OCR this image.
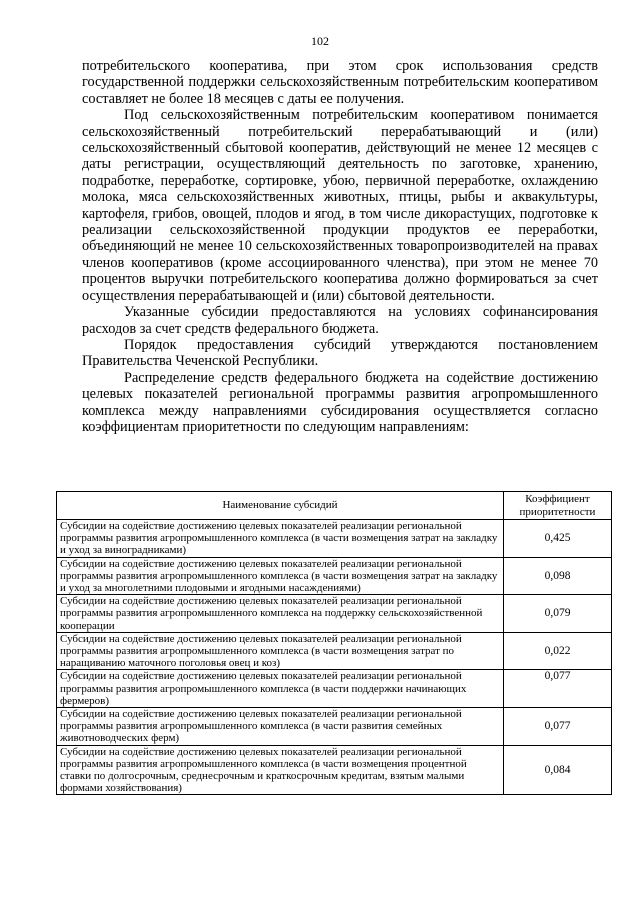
102

потребительского кооператива, при этом срок использования средств государственной поддержки сельскохозяйственным потребительским кооперативом составляет не более 18 месяцев с даты ее получения.

Под сельскохозяйственным потребительским кооперативом понимается сельскохозяйственный потребительский перерабатывающий и (или) сельскохозяйственный сбытовой кооператив, действующий не менее 12 месяцев с даты регистрации, осуществляющий деятельность по заготовке, хранению, подработке, переработке, сортировке, убою, первичной переработке, охлаждению молока, мяса сельскохозяйственных животных, птицы, рыбы и аквакультуры, картофеля, грибов, овощей, плодов и ягод, в том числе дикорастущих, подготовке к реализации сельскохозяйственной продукции продуктов ее переработки, объединяющий не менее 10 сельскохозяйственных товаропроизводителей на правах членов кооперативов (кроме ассоциированного членства), при этом не менее 70 процентов выручки потребительского кооператива должно формироваться за счет осуществления перерабатывающей и (или) сбытовой деятельности.

Указанные субсидии предоставляются на условиях софинансирования расходов за счет средств федерального бюджета.

Порядок предоставления субсидий утверждаются постановлением Правительства Чеченской Республики.

Распределение средств федерального бюджета на содействие достижению целевых показателей региональной программы развития агропромышленного комплекса между направлениями субсидирования осуществляется согласно коэффициентам приоритетности по следующим направлениям:

Наименование субсидий	Коэффициент приоритетности
Субсидии на содействие достижению целевых показателей реализации региональной программы развития агропромышленного комплекса (в части возмещения затрат на закладку и уход за виноградниками)	0,425
Субсидии на содействие достижению целевых показателей реализации региональной программы развития агропромышленного комплекса (в части возмещения затрат на закладку и уход за многолетними плодовыми и ягодными насаждениями)	0,098
Субсидии на содействие достижению целевых показателей реализации региональной программы развития агропромышленного комплекса на поддержку сельскохозяйственной кооперации	0,079
Субсидии на содействие достижению целевых показателей реализации региональной программы развития агропромышленного комплекса (в части возмещения затрат по наращиванию маточного поголовья овец и коз)	0,022
Субсидии на содействие достижению целевых показателей реализации региональной программы развития агропромышленного комплекса (в части поддержки начинающих фермеров)	0,077
Субсидии на содействие достижению целевых показателей реализации региональной программы развития агропромышленного комплекса (в части развития семейных животноводческих ферм)	0,077
Субсидии на содействие достижению целевых показателей реализации региональной программы развития агропромышленного комплекса (в части возмещения процентной ставки по долгосрочным, среднесрочным и краткосрочным кредитам, взятым малыми формами хозяйствования)	0,084
